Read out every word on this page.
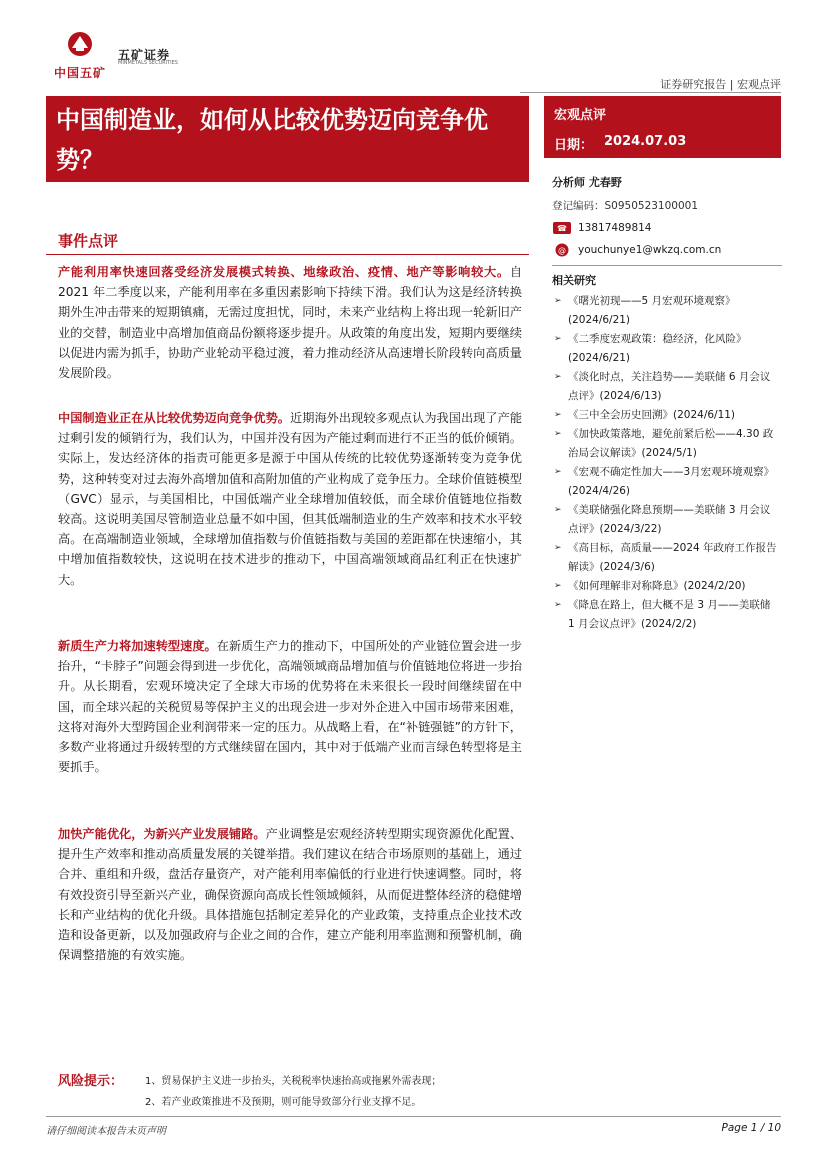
中国五矿
五矿证券
MINMETALS SECURITIES
证券研究报告 | 宏观点评
中国制造业，如何从比较优势迈向竞争优势？
宏观点评
日期： 2024.07.03
分析师 尤春野
登记编码：S0950523100001
☎ 13817489814
@ youchunye1@wkzq.com.cn
相关研究
➢ 《曙光初现——5 月宏观环境观察》
(2024/6/21)
➢ 《二季度宏观政策：稳经济，化风险》
(2024/6/21)
➢ 《淡化时点，关注趋势——美联储 6 月会议
点评》(2024/6/13)
➢ 《三中全会历史回溯》(2024/6/11)
➢ 《加快政策落地，避免前紧后松——4.30 政
治局会议解读》(2024/5/1)
➢ 《宏观不确定性加大——3月宏观环境观察》
(2024/4/26)
➢ 《美联储强化降息预期——美联储 3 月会议
点评》(2024/3/22)
➢ 《高目标，高质量——2024 年政府工作报告
解读》(2024/3/6)
➢ 《如何理解非对称降息》(2024/2/20)
➢ 《降息在路上，但大概不是 3 月——美联储
1 月会议点评》(2024/2/2)
事件点评
产能利用率快速回落受经济发展模式转换、地缘政治、疫情、地产等影响较大。自 2021 年二季度以来，产能利用率在多重因素影响下持续下滑。我们认为这是经济转换期外生冲击带来的短期镇痛，无需过度担忧，同时，未来产业结构上将出现一轮新旧产业的交替，制造业中高增加值商品份额将逐步提升。从政策的角度出发，短期内要继续以促进内需为抓手，协助产业轮动平稳过渡，着力推动经济从高速增长阶段转向高质量发展阶段。
中国制造业正在从比较优势迈向竞争优势。近期海外出现较多观点认为我国出现了产能过剩引发的倾销行为，我们认为，中国并没有因为产能过剩而进行不正当的低价倾销。实际上，发达经济体的指责可能更多是源于中国从传统的比较优势逐渐转变为竞争优势，这种转变对过去海外高增加值和高附加值的产业构成了竞争压力。全球价值链模型（GVC）显示，与美国相比，中国低端产业全球增加值较低，而全球价值链地位指数较高。这说明美国尽管制造业总量不如中国，但其低端制造业的生产效率和技术水平较高。在高端制造业领域，全球增加值指数与价值链指数与美国的差距都在快速缩小，其中增加值指数较快，这说明在技术进步的推动下，中国高端领域商品红利正在快速扩大。
新质生产力将加速转型速度。在新质生产力的推动下，中国所处的产业链位置会进一步抬升，“卡脖子”问题会得到进一步优化，高端领域商品增加值与价值链地位将进一步抬升。从长期看，宏观环境决定了全球大市场的优势将在未来很长一段时间继续留在中国，而全球兴起的关税贸易等保护主义的出现会进一步对外企进入中国市场带来困难，这将对海外大型跨国企业利润带来一定的压力。从战略上看，在“补链强链”的方针下，多数产业将通过升级转型的方式继续留在国内，其中对于低端产业而言绿色转型将是主要抓手。
加快产能优化，为新兴产业发展铺路。产业调整是宏观经济转型期实现资源优化配置、提升生产效率和推动高质量发展的关键举措。我们建议在结合市场原则的基础上，通过合并、重组和升级，盘活存量资产，对产能利用率偏低的行业进行快速调整。同时，将有效投资引导至新兴产业，确保资源向高成长性领域倾斜，从而促进整体经济的稳健增长和产业结构的优化升级。具体措施包括制定差异化的产业政策，支持重点企业技术改造和设备更新，以及加强政府与企业之间的合作，建立产能利用率监测和预警机制，确保调整措施的有效实施。
风险提示： 1、贸易保护主义进一步抬头，关税税率快速抬高或拖累外需表现；
2、若产业政策推进不及预期，则可能导致部分行业支撑不足。
请仔细阅读本报告末页声明	Page 1 / 10
